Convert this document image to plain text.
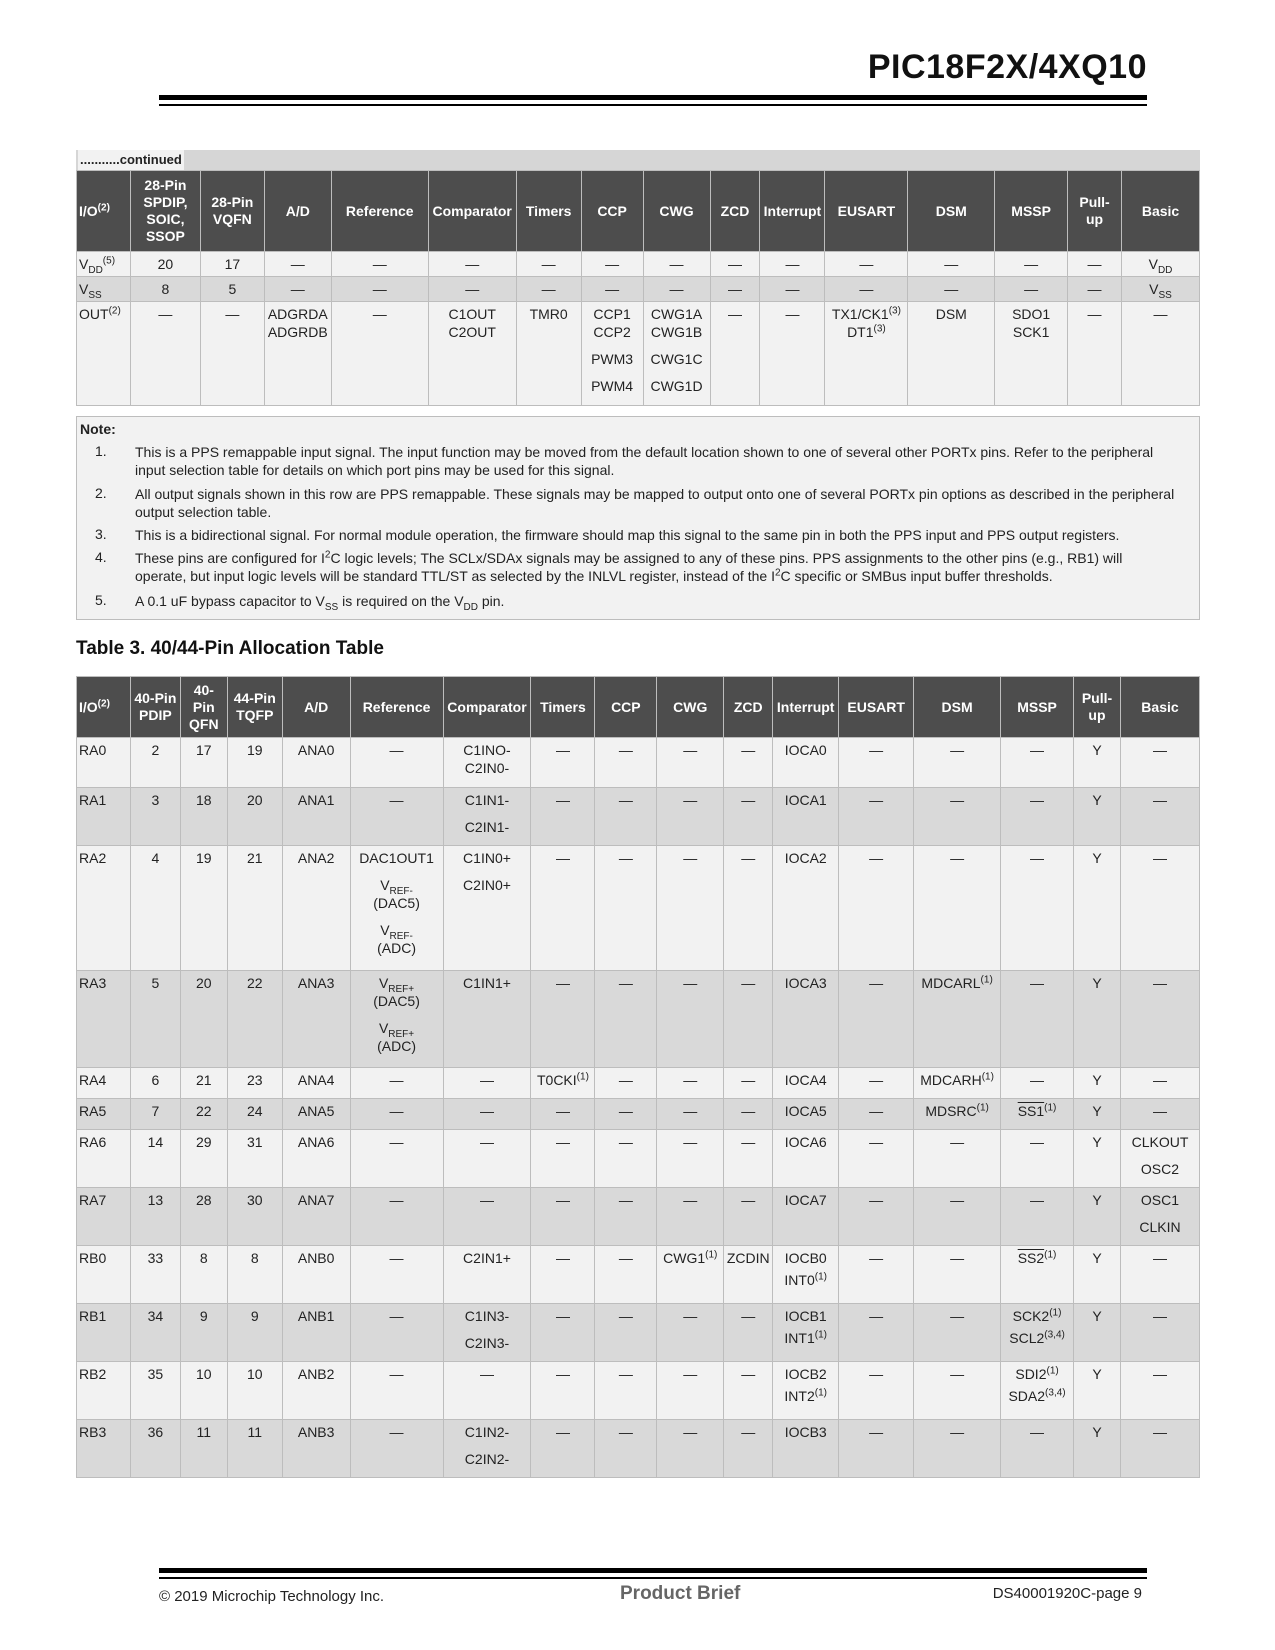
PIC18F2X/4XQ10
...........continued
$I/O^{(2)}$	28-Pin
SPDIP,
SOIC,
SSOP	28-Pin
VQFN	A/D	Reference	Comparator	Timers	CCP	CWG	ZCD	Interrupt	EUSART	DSM	MSSP	Pull-
up	Basic
$V_{DD}^{(5)}$	20	17	—	—	—	—	—	—	—	—	—	—	—	—	$V_{DD}$
$V_{SS}$	8	5	—	—	—	—	—	—	—	—	—	—	—	—	$V_{SS}$
OUT$^{(2)}$	—	—	ADGRDA
ADGRDB	—	C1OUT
C2OUT	TMR0	CCP1
CCP2
PWM3
PWM4	CWG1A
CWG1B
CWG1C
CWG1D	—	—	TX1/CK1$^{(3)}$
DT1$^{(3)}$	DSM	SDO1
SCK1	—	—
Note:
1. This is a PPS remappable input signal. The input function may be moved from the default location shown to one of several other PORTx pins. Refer to the peripheral input selection table for details on which port pins may be used for this signal.
2. All output signals shown in this row are PPS remappable. These signals may be mapped to output onto one of several PORTx pin options as described in the peripheral output selection table.
3. This is a bidirectional signal. For normal module operation, the firmware should map this signal to the same pin in both the PPS input and PPS output registers.
4. These pins are configured for $I^2C$ logic levels; The SCLx/SDAx signals may be assigned to any of these pins. PPS assignments to the other pins (e.g., RB1) will operate, but input logic levels will be standard TTL/ST as selected by the INLVL register, instead of the $I^2C$ specific or SMBus input buffer thresholds.
5. A 0.1 uF bypass capacitor to $V_{SS}$ is required on the $V_{DD}$ pin.
Table 3. 40/44-Pin Allocation Table
$I/O^{(2)}$	40-Pin
PDIP	40-
Pin
QFN	44-Pin
TQFP	A/D	Reference	Comparator	Timers	CCP	CWG	ZCD	Interrupt	EUSART	DSM	MSSP	Pull-
up	Basic
RA0	2	17	19	ANA0	—	C1INO-
C2IN0-	—	—	—	—	IOCA0	—	—	—	Y	—
RA1	3	18	20	ANA1	—	C1IN1-
C2IN1-	—	—	—	—	IOCA1	—	—	—	Y	—
RA2	4	19	21	ANA2	DAC1OUT1
$V_{REF-}$
(DAC5)
$V_{REF-}$
(ADC)	C1IN0+
C2IN0+	—	—	—	—	IOCA2	—	—	—	Y	—
RA3	5	20	22	ANA3	$V_{REF+}$
(DAC5)
$V_{REF+}$
(ADC)	C1IN1+	—	—	—	—	IOCA3	—	MDCARL$^{(1)}$	—	Y	—
RA4	6	21	23	ANA4	—	—	T0CKI$^{(1)}$	—	—	—	IOCA4	—	MDCARH$^{(1)}$	—	Y	—
RA5	7	22	24	ANA5	—	—	—	—	—	—	IOCA5	—	MDSRC$^{(1)}$	SS1$^{(1)}$	Y	—
RA6	14	29	31	ANA6	—	—	—	—	—	—	IOCA6	—	—	—	Y	CLKOUT
OSC2

RA7	13	28	30	ANA7	—	—	—	—	—	—	IOCA7	—	—	—	Y	OSC1
CLKIN

RB0	33	8	8	ANB0	—	C2IN1+	—	—	CWG1$^{(1)}$	ZCDIN	IOCB0
INT0$^{(1)}$	—	—	SS2$^{(1)}$	Y	—
RB1	34	9	9	ANB1	—	C1IN3-
C2IN3-	—	—	—	—	IOCB1
INT1$^{(1)}$	—	—	SCK2$^{(1)}$
SCL2$^{(3,4)}$	Y	—
RB2	35	10	10	ANB2	—	—	—	—	—	—	IOCB2
INT2$^{(1)}$	—	—	SDI2$^{(1)}$
SDA2$^{(3,4)}$	Y	—
RB3	36	11	11	ANB3	—	C1IN2-
C2IN2-	—	—	—	—	IOCB3	—	—	—	Y	—
© 2019 Microchip Technology Inc.	Product Brief	DS40001920C-page 9
